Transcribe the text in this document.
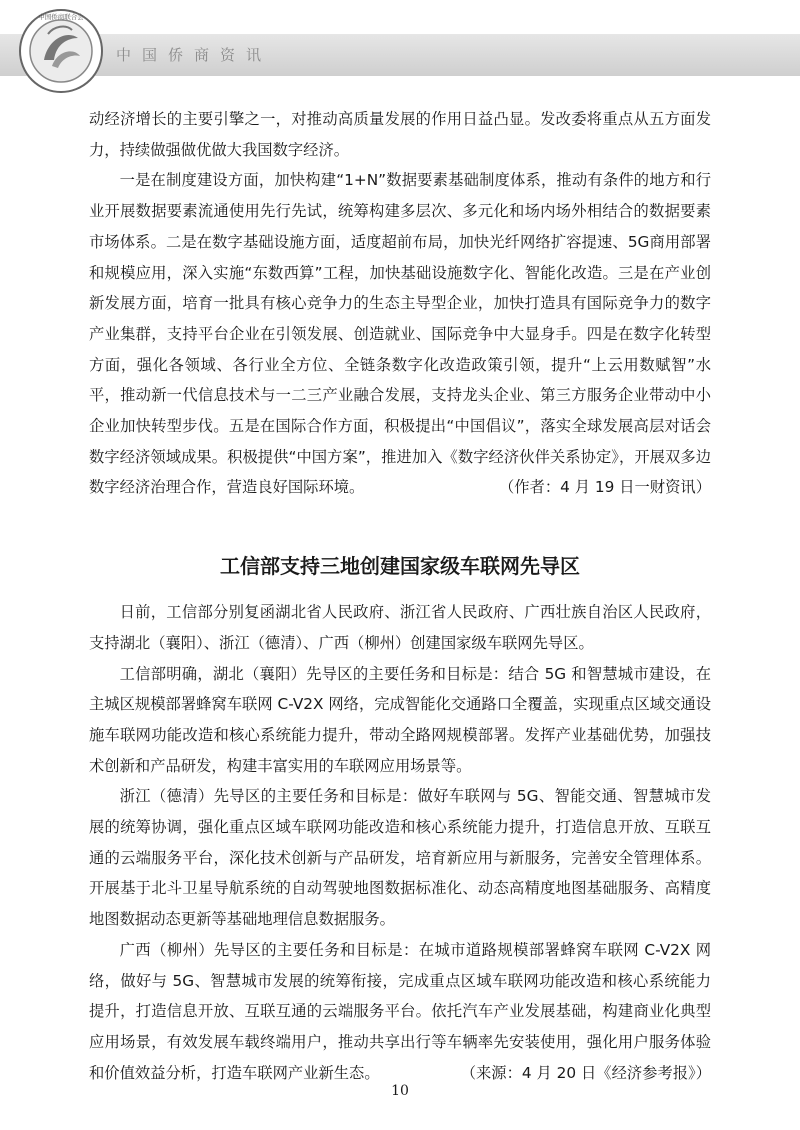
中国侨商联合会
中国侨商资讯

动经济增长的主要引擎之一，对推动高质量发展的作用日益凸显。发改委将重点从五方面发力，持续做强做优做大我国数字经济。

一是在制度建设方面，加快构建“1+N”数据要素基础制度体系，推动有条件的地方和行业开展数据要素流通使用先行先试，统筹构建多层次、多元化和场内场外相结合的数据要素市场体系。二是在数字基础设施方面，适度超前布局，加快光纤网络扩容提速、5G商用部署和规模应用，深入实施“东数西算”工程，加快基础设施数字化、智能化改造。三是在产业创新发展方面，培育一批具有核心竞争力的生态主导型企业，加快打造具有国际竞争力的数字产业集群，支持平台企业在引领发展、创造就业、国际竞争中大显身手。四是在数字化转型方面，强化各领域、各行业全方位、全链条数字化改造政策引领，提升“上云用数赋智”水平，推动新一代信息技术与一二三产业融合发展，支持龙头企业、第三方服务企业带动中小企业加快转型步伐。五是在国际合作方面，积极提出“中国倡议”，落实全球发展高层对话会数字经济领域成果。积极提供“中国方案”，推进加入《数字经济伙伴关系协定》，开展双多边数字经济治理合作，营造良好国际环境。	（作者：4 月 19 日一财资讯）
工信部支持三地创建国家级车联网先导区

日前，工信部分别复函湖北省人民政府、浙江省人民政府、广西壮族自治区人民政府，支持湖北（襄阳）、浙江（德清）、广西（柳州）创建国家级车联网先导区。

工信部明确，湖北（襄阳）先导区的主要任务和目标是：结合 5G 和智慧城市建设，在主城区规模部署蜂窝车联网 C-V2X 网络，完成智能化交通路口全覆盖，实现重点区域交通设施车联网功能改造和核心系统能力提升，带动全路网规模部署。发挥产业基础优势，加强技术创新和产品研发，构建丰富实用的车联网应用场景等。

浙江（德清）先导区的主要任务和目标是：做好车联网与 5G、智能交通、智慧城市发展的统筹协调，强化重点区域车联网功能改造和核心系统能力提升，打造信息开放、互联互通的云端服务平台，深化技术创新与产品研发，培育新应用与新服务，完善安全管理体系。开展基于北斗卫星导航系统的自动驾驶地图数据标准化、动态高精度地图基础服务、高精度地图数据动态更新等基础地理信息数据服务。

广西（柳州）先导区的主要任务和目标是：在城市道路规模部署蜂窝车联网 C-V2X 网络，做好与 5G、智慧城市发展的统筹衔接，完成重点区域车联网功能改造和核心系统能力提升，打造信息开放、互联互通的云端服务平台。依托汽车产业发展基础，构建商业化典型应用场景，有效发展车载终端用户，推动共享出行等车辆率先安装使用，强化用户服务体验和价值效益分析，打造车联网产业新生态。	（来源：4 月 20 日《经济参考报》）
10
